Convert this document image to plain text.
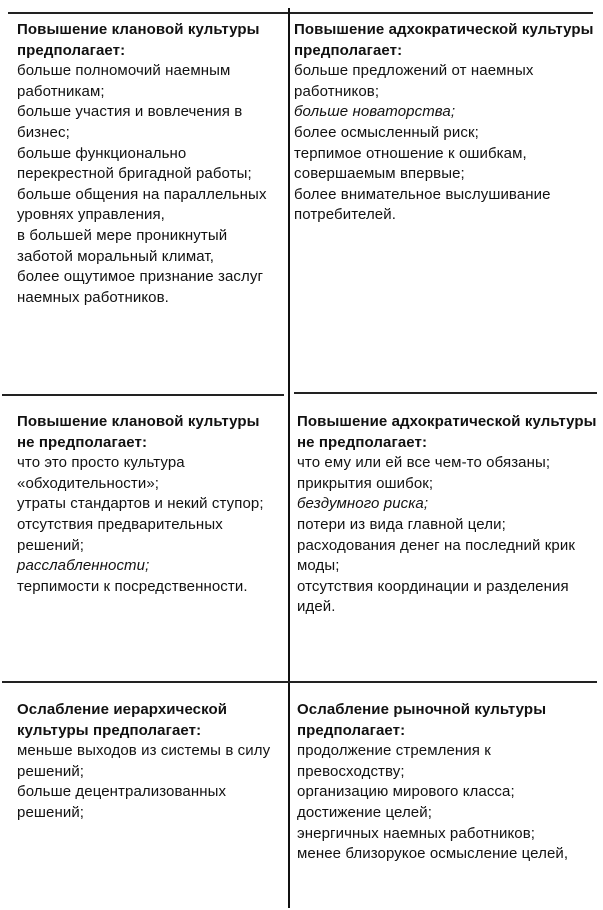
Повышение клановой культуры предполагает:
больше полномочий наемным работникам;
больше участия и вовлечения в бизнес;
больше функционально перекрестной бригадной работы;
больше общения на параллельных уровнях управления,
в большей мере проникнутый заботой моральный климат,
более ощутимое признание заслуг наемных работников.
Повышение адхократической культуры предполагает:
больше предложений от наемных работников;
больше новаторства;
более осмысленный риск;
терпимое отношение к ошибкам, совершаемым впервые;
более внимательное выслушивание потребителей.
Повышение клановой культуры не предполагает:
что это просто культура «обходительности»;
утраты стандартов и некий ступор;
отсутствия предварительных решений;
расслабленности;
терпимости к посредственности.
Повышение адхократической культуры не предполагает:
что ему или ей все чем-то обязаны;
прикрытия ошибок;
бездумного риска;
потери из вида главной цели;
расходования денег на последний крик моды;
отсутствия координации и разделения идей.
Ослабление иерархической культуры предполагает:
меньше выходов из системы в силу решений;
больше децентрализованных решений;
Ослабление рыночной культуры предполагает:
продолжение стремления к превосходству;
организацию мирового класса;
достижение целей;
энергичных наемных работников;
менее близорукое осмысление целей,
